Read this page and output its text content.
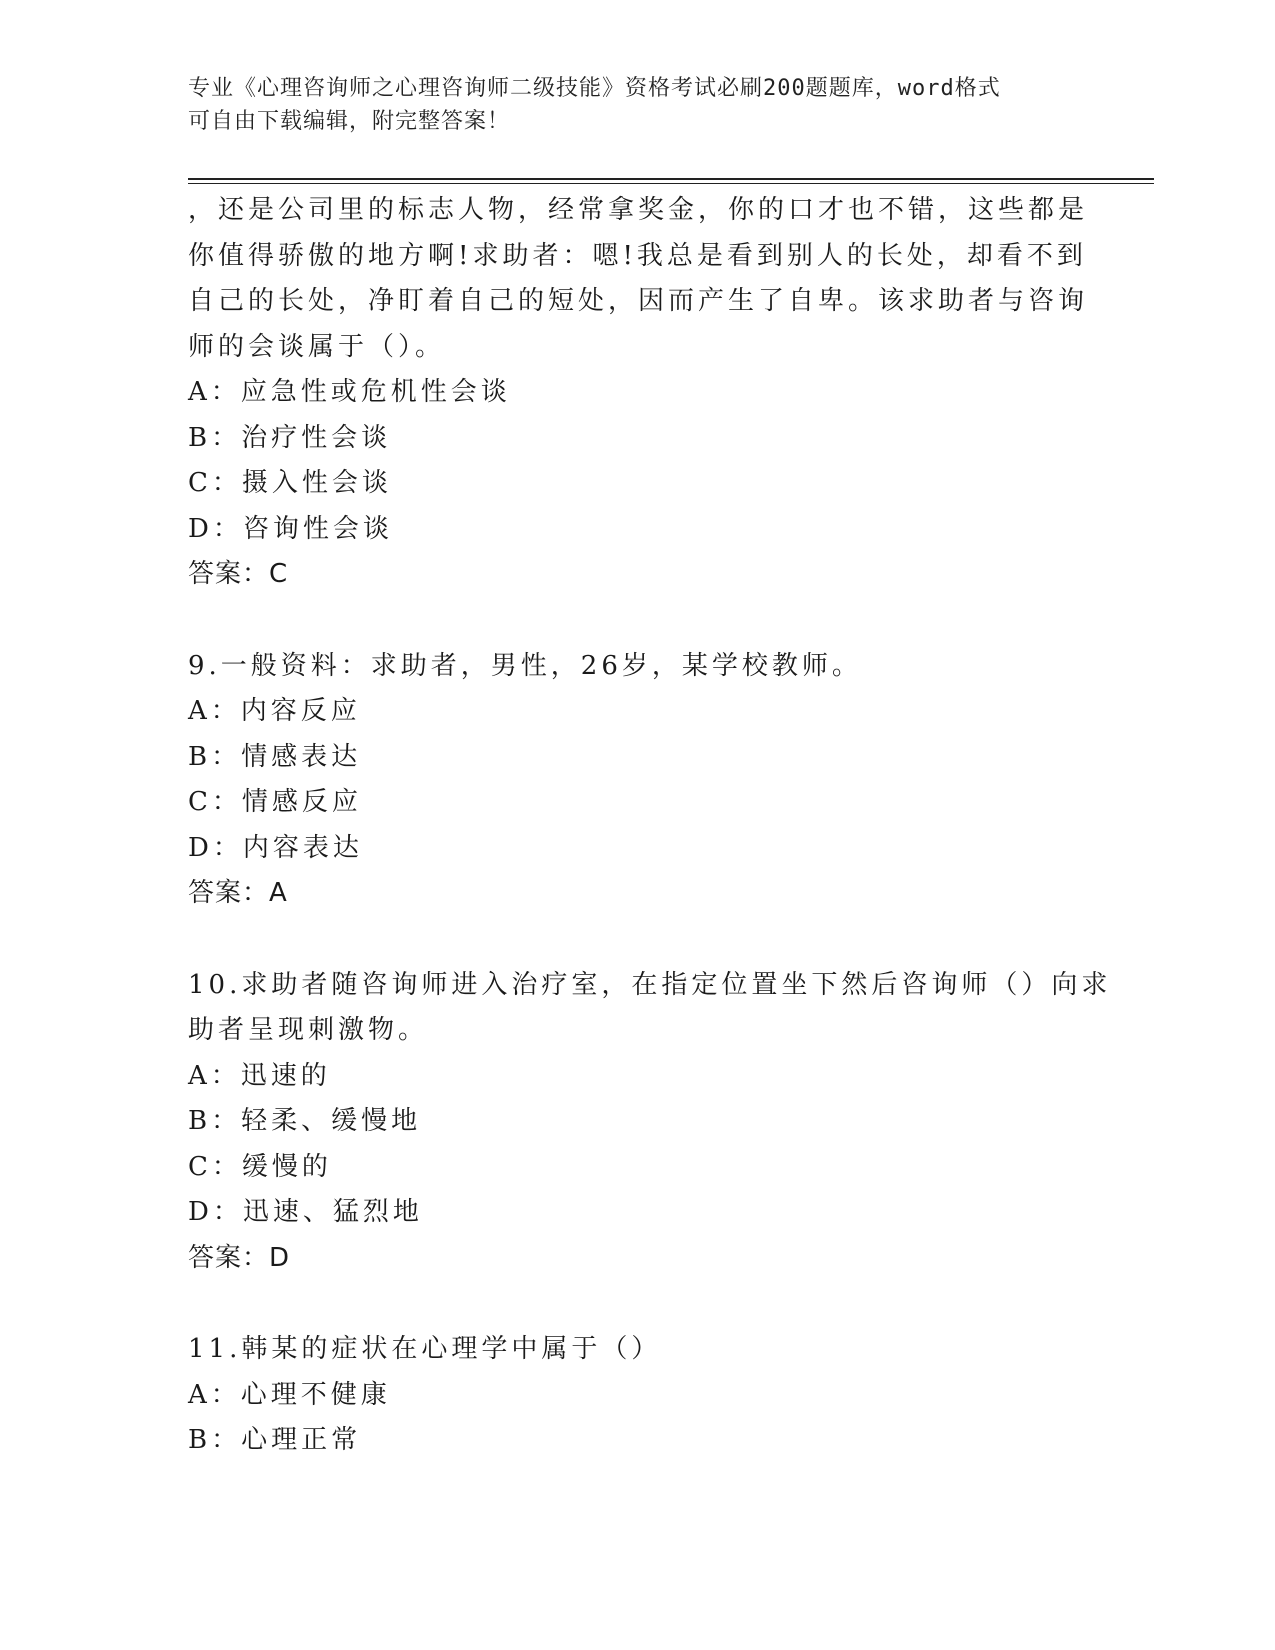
专业《心理咨询师之心理咨询师二级技能》资格考试必刷200题题库，word格式
可自由下载编辑，附完整答案！
，还是公司里的标志人物，经常拿奖金，你的口才也不错，这些都是
你值得骄傲的地方啊!求助者：嗯!我总是看到别人的长处，却看不到
自己的长处，净盯着自己的短处，因而产生了自卑。该求助者与咨询
师的会谈属于（）。
A：应急性或危机性会谈
B：治疗性会谈
C：摄入性会谈
D：咨询性会谈
答案：C
9.一般资料：求助者，男性，26岁，某学校教师。
A：内容反应
B：情感表达
C：情感反应
D：内容表达
答案：A
10.求助者随咨询师进入治疗室，在指定位置坐下然后咨询师（）向求
助者呈现刺激物。
A：迅速的
B：轻柔、缓慢地
C：缓慢的
D：迅速、猛烈地
答案：D
11.韩某的症状在心理学中属于（）
A：心理不健康
B：心理正常
